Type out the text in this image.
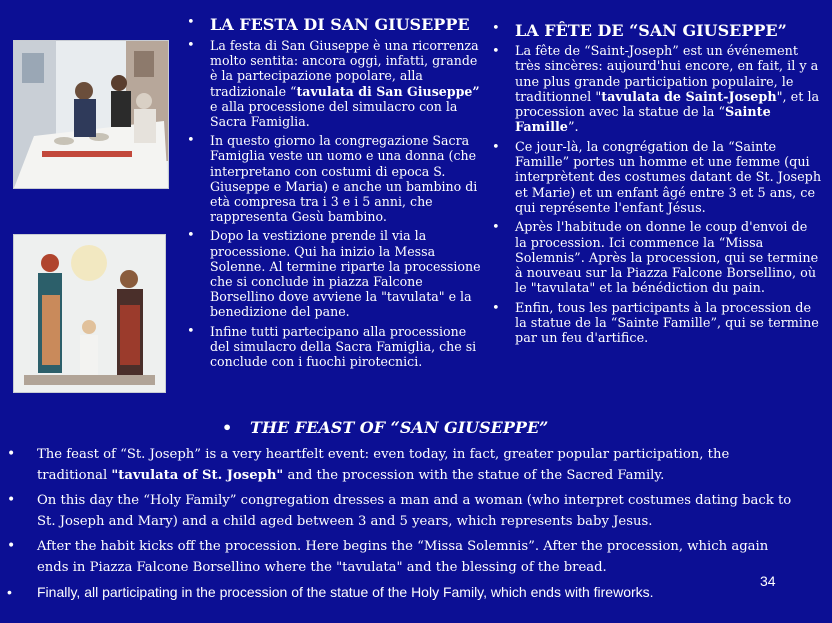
• LA FESTA DI SAN GIUSEPPE
• La festa di San Giuseppe è una ricorrenza molto sentita: ancora oggi, infatti, grande è la partecipazione popolare, alla tradizionale “tavulata di San Giuseppe” e alla processione del simulacro con la Sacra Famiglia.
• In questo giorno la congregazione Sacra Famiglia veste un uomo e una donna (che interpretano con costumi di epoca S. Giuseppe e Maria) e anche un bambino di età compresa tra i 3 e i 5 anni, che rappresenta Gesù bambino.
• Dopo la vestizione prende il via la processione. Qui ha inizio la Messa Solenne. Al termine riparte la processione che si conclude in piazza Falcone Borsellino dove avviene la "tavulata" e la benedizione del pane.
• Infine tutti partecipano alla processione del simulacro della Sacra Famiglia, che si conclude con i fuochi pirotecnici.
• LA FÊTE DE “SAN GIUSEPPE”
• La fête de “Saint-Joseph” est un événement très sincères: aujourd'hui encore, en fait, il y a une plus grande participation populaire, le traditionnel "tavulata de Saint-Joseph", et la procession avec la statue de la “Sainte Famille”.
• Ce jour-là, la congrégation de la “Sainte Famille” portes un homme et une femme (qui interprètent des costumes datant de St. Joseph et Marie) et un enfant âgé entre 3 et 5 ans, ce qui représente l'enfant Jésus.
• Après l'habitude on donne le coup d'envoi de la procession. Ici commence la “Missa Solemnis”. Après la procession, qui se termine à nouveau sur la Piazza Falcone Borsellino, où le "tavulata" et la bénédiction du pain.
• Enfin, tous les participants à la procession de la statue de la “Sainte Famille”, qui se termine par un feu d'artifice.
• THE FEAST OF “SAN GIUSEPPE”
• The feast of “St. Joseph” is a very heartfelt event: even today, in fact, greater popular participation, the traditional "tavulata of St. Joseph" and the procession with the statue of the Sacred Family.
• On this day the “Holy Family” congregation dresses a man and a woman (who interpret costumes dating back to St. Joseph and Mary) and a child aged between 3 and 5 years, which represents baby Jesus.
• After the habit kicks off the procession. Here begins the “Missa Solemnis”. After the procession, which again ends in Piazza Falcone Borsellino where the "tavulata" and the blessing of the bread.
• Finally, all participating in the procession of the statue of the Holy Family, which ends with fireworks.
34
